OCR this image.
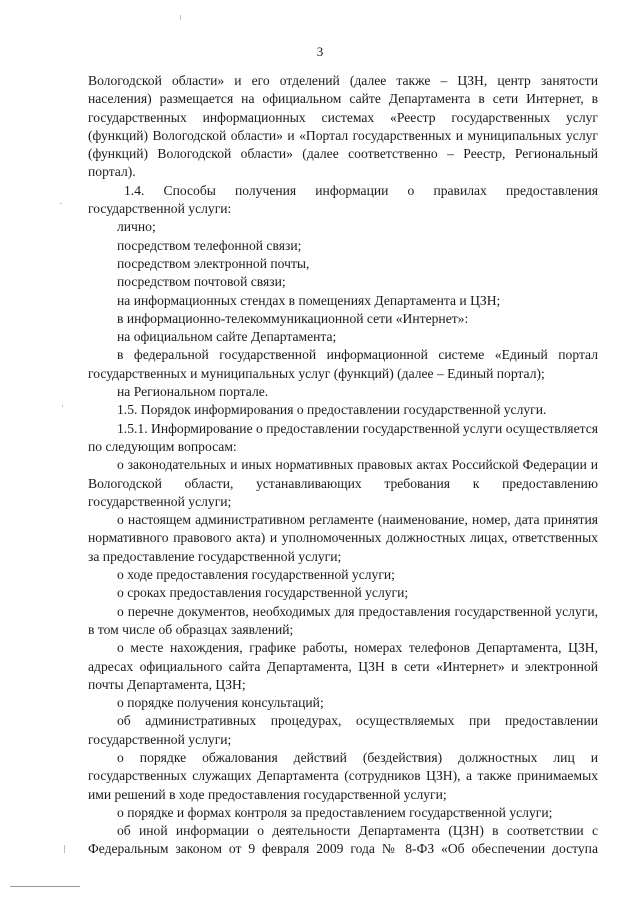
3

Вологодской области» и его отделений (далее также – ЦЗН, центр занятости населения) размещается на официальном сайте Департамента в сети Интернет, в государственных информационных системах «Реестр государственных услуг (функций) Вологодской области» и «Портал государственных и муниципальных услуг (функций) Вологодской области» (далее соответственно – Реестр, Региональный портал).

1.4. Способы получения информации о правилах предоставления государственной услуги:

лично;

посредством телефонной связи;

посредством электронной почты,

посредством почтовой связи;

на информационных стендах в помещениях Департамента и ЦЗН;

в информационно-телекоммуникационной сети «Интернет»:

на официальном сайте Департамента;

в федеральной государственной информационной системе «Единый портал государственных и муниципальных услуг (функций) (далее – Единый портал);

на Региональном портале.

1.5. Порядок информирования о предоставлении государственной услуги.

1.5.1. Информирование о предоставлении государственной услуги осуществляется по следующим вопросам:

о законодательных и иных нормативных правовых актах Российской Федерации и Вологодской области, устанавливающих требования к предоставлению государственной услуги;

о настоящем административном регламенте (наименование, номер, дата принятия нормативного правового акта) и уполномоченных должностных лицах, ответственных за предоставление государственной услуги;

о ходе предоставления государственной услуги;

о сроках предоставления государственной услуги;

о перечне документов, необходимых для предоставления государственной услуги, в том числе об образцах заявлений;

о месте нахождения, графике работы, номерах телефонов Департамента, ЦЗН, адресах официального сайта Департамента, ЦЗН в сети «Интернет» и электронной почты Департамента, ЦЗН;

о порядке получения консультаций;

об административных процедурах, осуществляемых при предоставлении государственной услуги;

о порядке обжалования действий (бездействия) должностных лиц и государственных служащих Департамента (сотрудников ЦЗН), а также принимаемых ими решений в ходе предоставления государственной услуги;

о порядке и формах контроля за предоставлением государственной услуги;

об иной информации о деятельности Департамента (ЦЗН) в соответствии с Федеральным законом от 9 февраля 2009 года № 8-ФЗ «Об обеспечении доступа
